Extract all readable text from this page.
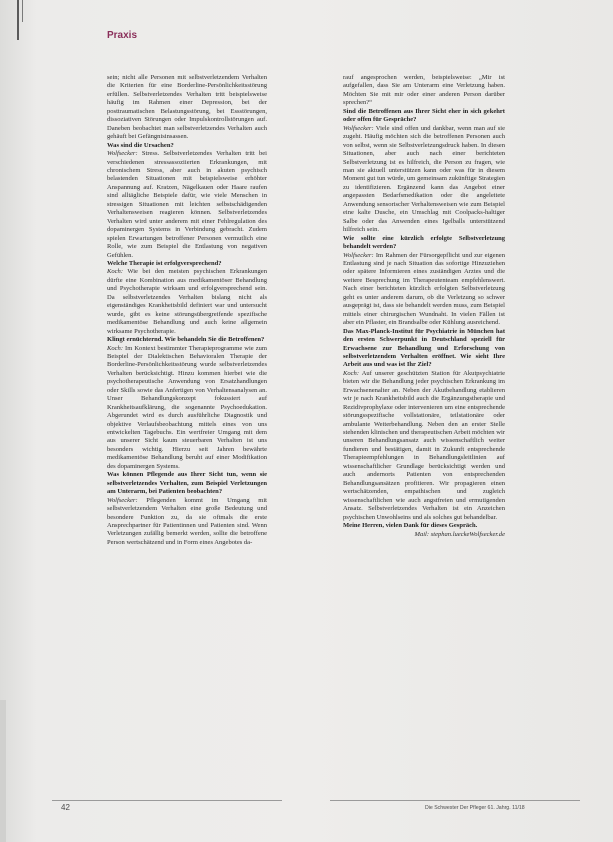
Praxis

sein; nicht alle Personen mit selbstverletzendem Verhalten die Kriterien für eine Borderline-Persönlichkeitsstörung erfüllen. Selbstverletzendes Verhalten tritt beispielsweise häufig im Rahmen einer Depression, bei der posttraumatischen Belastungsstörung, bei Essstörungen, dissoziativen Störungen oder Impulskontrollstörungen auf. Daneben beobachtet man selbstverletzendes Verhalten auch gehäuft bei Gefängnisinsassen.

Was sind die Ursachen?

Wolfsecker: Stress. Selbstverletzendes Verhalten tritt bei verschiedenen stressassoziierten Erkrankungen, mit chronischem Stress, aber auch in akuten psychisch belastenden Situationen mit beispielsweise erhöhter Anspannung auf. Kratzen, Nägelkauen oder Haare raufen sind alltägliche Beispiele dafür, wie viele Menschen in stressigen Situationen mit leichten selbstschädigenden Verhaltensweisen reagieren können. Selbstverletzendes Verhalten wird unter anderem mit einer Fehlregulation des dopaminergen Systems in Verbindung gebracht. Zudem spielen Erwartungen betroffener Personen vermutlich eine Rolle, wie zum Beispiel die Entlastung von negativen Gefühlen.

Welche Therapie ist erfolgversprechend?

Koch: Wie bei den meisten psychischen Erkrankungen dürfte eine Kombination aus medikamentöser Behandlung und Psychotherapie wirksam und erfolgversprechend sein. Da selbstverletzendes Verhalten bislang nicht als eigenständiges Krankheitsbild definiert war und untersucht wurde, gibt es keine störungsübergreifende spezifische medikamentöse Behandlung und auch keine allgemein wirksame Psychotherapie.

Klingt ernüchternd. Wie behandeln Sie die Betroffenen?

Koch: Im Kontext bestimmter Therapieprogramme wie zum Beispiel der Dialektischen Behavioralen Therapie der Borderline-Persönlichkeitsstörung wurde selbstverletzendes Verhalten berücksichtigt. Hinzu kommen hierbei wie die psychotherapeutische Anwendung von Ersatzhandlungen oder Skills sowie das Anfertigen von Verhaltensanalysen an. Unser Behandlungskonzept fokussiert auf Krankheitsaufklärung, die sogenannte Psychoedukation. Abgerundet wird es durch ausführliche Diagnostik und objektive Verlaufsbeobachtung mittels eines von uns entwickelten Tagebuchs. Ein wertfreier Umgang mit dem aus unserer Sicht kaum steuerbaren Verhalten ist uns besonders wichtig. Hierzu seit Jahren bewährte medikamentöse Behandlung beruht auf einer Modifikation des dopaminergen Systems.

Was können Pflegende aus Ihrer Sicht tun, wenn sie selbstverletzendes Verhalten, zum Beispiel Verletzungen am Unterarm, bei Patienten beobachten?

Wolfsecker: Pflegenden kommt im Umgang mit selbstverletzendem Verhalten eine große Bedeutung und besondere Funktion zu, da sie oftmals die erste Ansprechpartner für Patientinnen und Patienten sind. Wenn Verletzungen zufällig bemerkt werden, sollte die betroffene Person wertschätzend und in Form eines Angebotes da-

rauf angesprochen werden, beispielsweise: „Mir ist aufgefallen, dass Sie am Unterarm eine Verletzung haben. Möchten Sie mit mir oder einer anderen Person darüber sprechen?“

Sind die Betroffenen aus Ihrer Sicht eher in sich gekehrt oder offen für Gespräche?

Wolfsecker: Viele sind offen und dankbar, wenn man auf sie zugeht. Häufig möchten sich die betroffenen Personen auch von selbst, wenn sie Selbstverletzungsdruck haben. In diesen Situationen, aber auch nach einer berichteten Selbstverletzung ist es hilfreich, die Person zu fragen, wie man sie aktuell unterstützen kann oder was für in diesem Moment gut tun würde, um gemeinsam zukünftige Strategien zu identifizieren. Ergänzend kann das Angebot einer angepassten Bedarfsmedikation oder die angeleitete Anwendung sensorischer Verhaltensweisen wie zum Beispiel eine kalte Dusche, ein Umschlag mit Coolpacks-haltiger Salbe oder das Anwenden eines Igelballs unterstützend hilfreich sein.

Wie sollte eine kürzlich erfolgte Selbstverletzung behandelt werden?

Wolfsecker: Im Rahmen der Fürsorgepflicht und zur eigenen Entlastung sind je nach Situation das sofortige Hinzuziehen oder spätere Informieren eines zuständigen Arztes und die weitere Besprechung im Therapeutenteam empfehlenswert. Nach einer berichteten kürzlich erfolgten Selbstverletzung geht es unter anderem darum, ob die Verletzung so schwer ausgeprägt ist, dass sie behandelt werden muss, zum Beispiel mittels einer chirurgischen Wundnaht. In vielen Fällen ist aber ein Pflaster, ein Brandsalbe oder Kühlung ausreichend.

Das Max-Planck-Institut für Psychiatrie in München hat den ersten Schwerpunkt in Deutschland speziell für Erwachsene zur Behandlung und Erforschung von selbstverletzendem Verhalten eröffnet. Wie sieht Ihre Arbeit aus und was ist Ihr Ziel?

Koch: Auf unserer geschützten Station für Akutpsychiatrie bieten wir die Behandlung jeder psychischen Erkrankung im Erwachsenenalter an. Neben der Akutbehandlung etablieren wir je nach Krankheitsbild auch die Ergänzungstherapie und Rezidivprophylaxe oder intervenieren um eine entsprechende störungsspezifische vollstationäre, teilstationäre oder ambulante Weiterbehandlung. Neben den an erster Stelle stehenden klinischen und therapeutischen Arbeit möchten wir unseren Behandlungsansatz auch wissenschaftlich weiter fundieren und bestätigen, damit in Zukunft entsprechende Therapieempfehlungen in Behandlungsleitlinien auf wissenschaftlicher Grundlage berücksichtigt werden und auch andernorts Patienten von entsprechenden Behandlungsansätzen profitieren. Wir propagieren einen wertschätzenden, empathischen und zugleich wissenschaftlichen wie auch angstfreien und ermutigenden Ansatz. Selbstverletzendes Verhalten ist ein Anzeichen psychischen Unwohlseins und als solches gut behandelbar.

Meine Herren, vielen Dank für dieses Gespräch.

Mail: stephan.lueckeWolfsecker.de

42	Die Schwester Der Pfleger 61. Jahrg. 11/18
